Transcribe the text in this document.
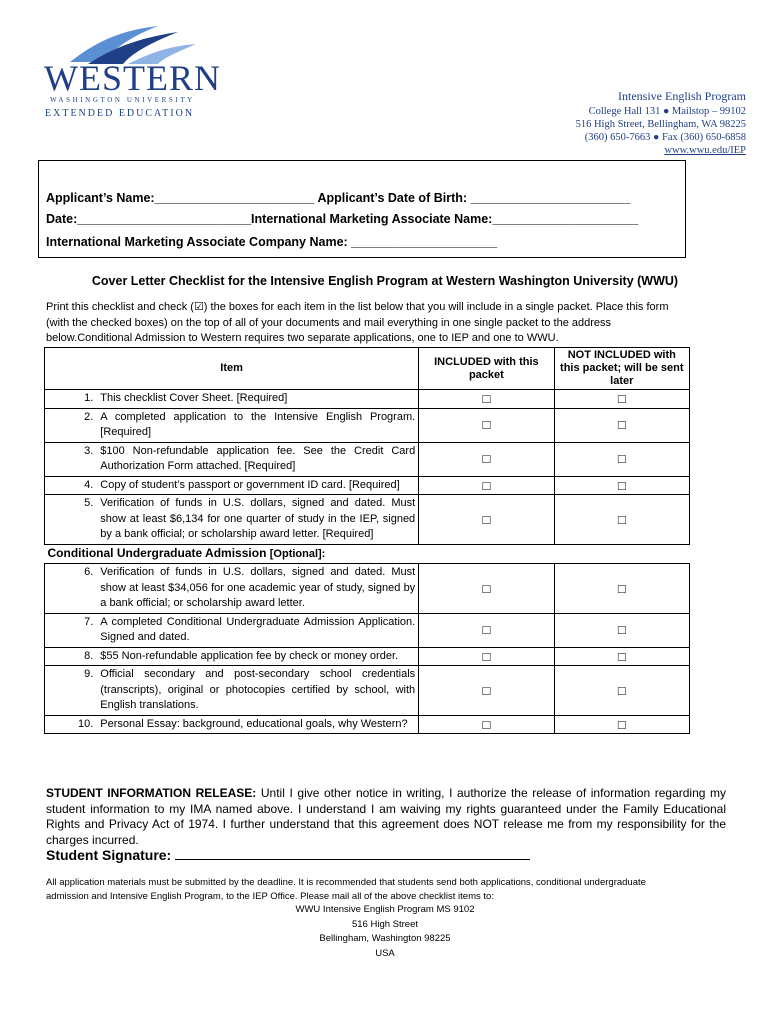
WESTERN
WASHINGTON UNIVERSITY
EXTENDED EDUCATION
Intensive English Program
College Hall 131 ● Mailstop – 99102
516 High Street, Bellingham, WA 98225
(360) 650-7663 ● Fax (360) 650-6858
www.wwu.edu/IEP
Applicant’s Name:_______________________ Applicant’s Date of Birth: _______________________
Date:_________________________International Marketing Associate Name:_____________________
International Marketing Associate Company Name: _____________________
Cover Letter Checklist for the Intensive English Program at Western Washington University (WWU)
Print this checklist and check (☑) the boxes for each item in the list below that you will include in a single packet. Place this form (with the checked boxes) on the top of all of your documents and mail everything in one single packet to the address below.Conditional Admission to Western requires two separate applications, one to IEP and one to WWU.
Item		INCLUDED with this packet	NOT INCLUDED with this packet; will be sent later
1.	This checklist Cover Sheet. [Required]	□	□
2.	A completed application to the Intensive English Program. [Required]	□	□
3.	$100 Non-refundable application fee. See the Credit Card Authorization Form attached. [Required]	□	□
4.	Copy of student’s passport or government ID card. [Required]	□	□
5.	Verification of funds in U.S. dollars, signed and dated. Must show at least $6,134 for one quarter of study in the IEP, signed by a bank official; or scholarship award letter. [Required]	□	□
Conditional Undergraduate Admission [Optional]:			
6.	Verification of funds in U.S. dollars, signed and dated. Must show at least $34,056 for one academic year of study, signed by a bank official; or scholarship award letter.	□	□
7.	A completed Conditional Undergraduate Admission Application. Signed and dated.	□	□
8.	$55 Non-refundable application fee by check or money order.	□	□
9.	Official secondary and post-secondary school credentials (transcripts), original or photocopies certified by school, with English translations.	□	□
10.	Personal Essay: background, educational goals, why Western?	□	□
STUDENT INFORMATION RELEASE: Until I give other notice in writing, I authorize the release of information regarding my student information to my IMA named above. I understand I am waiving my rights guaranteed under the Family Educational Rights and Privacy Act of 1974. I further understand that this agreement does NOT release me from my responsibility for the charges incurred.
Student Signature:
All application materials must be submitted by the deadline. It is recommended that students send both applications, conditional undergraduate admission and Intensive English Program, to the IEP Office. Please mail all of the above checklist items to:
WWU Intensive English Program MS 9102
516 High Street
Bellingham, Washington 98225
USA
